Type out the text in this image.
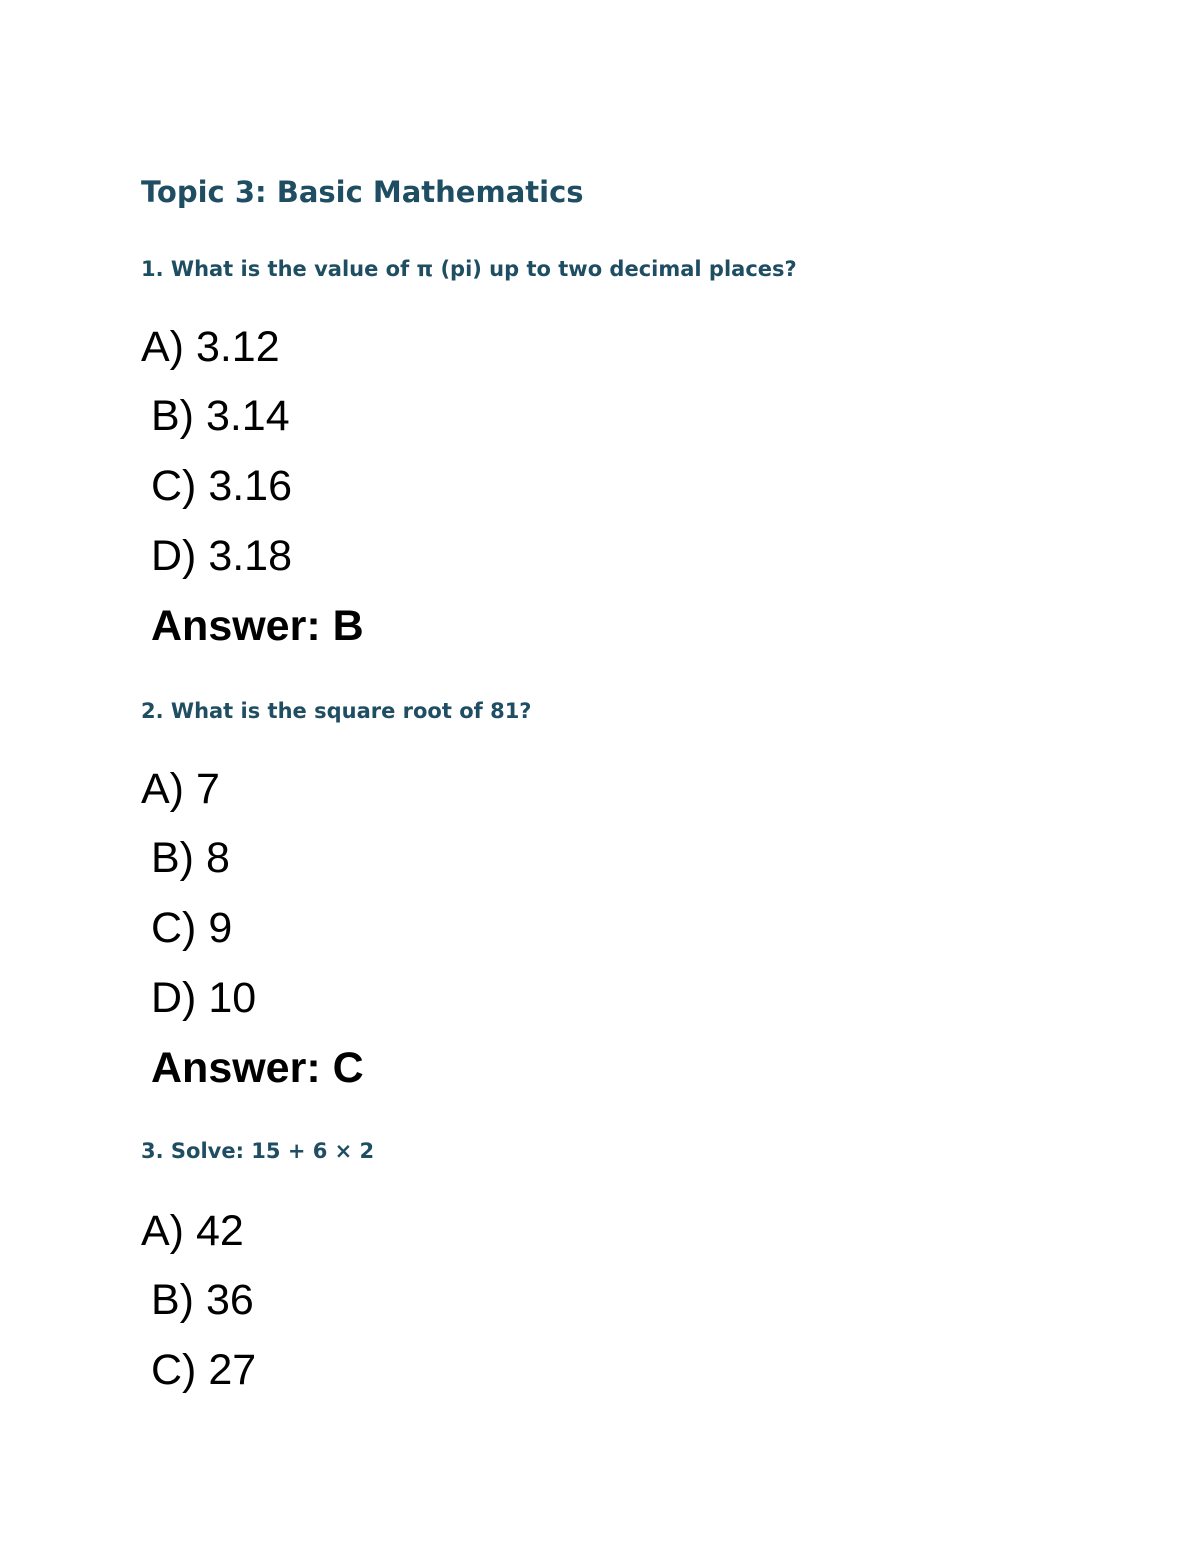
Topic 3: Basic Mathematics

1. What is the value of π (pi) up to two decimal places?

A) 3.12

B) 3.14

C) 3.16

D) 3.18

Answer: B

2. What is the square root of 81?

A) 7

B) 8

C) 9

D) 10

Answer: C

3. Solve: 15 + 6 × 2

A) 42

B) 36

C) 27
